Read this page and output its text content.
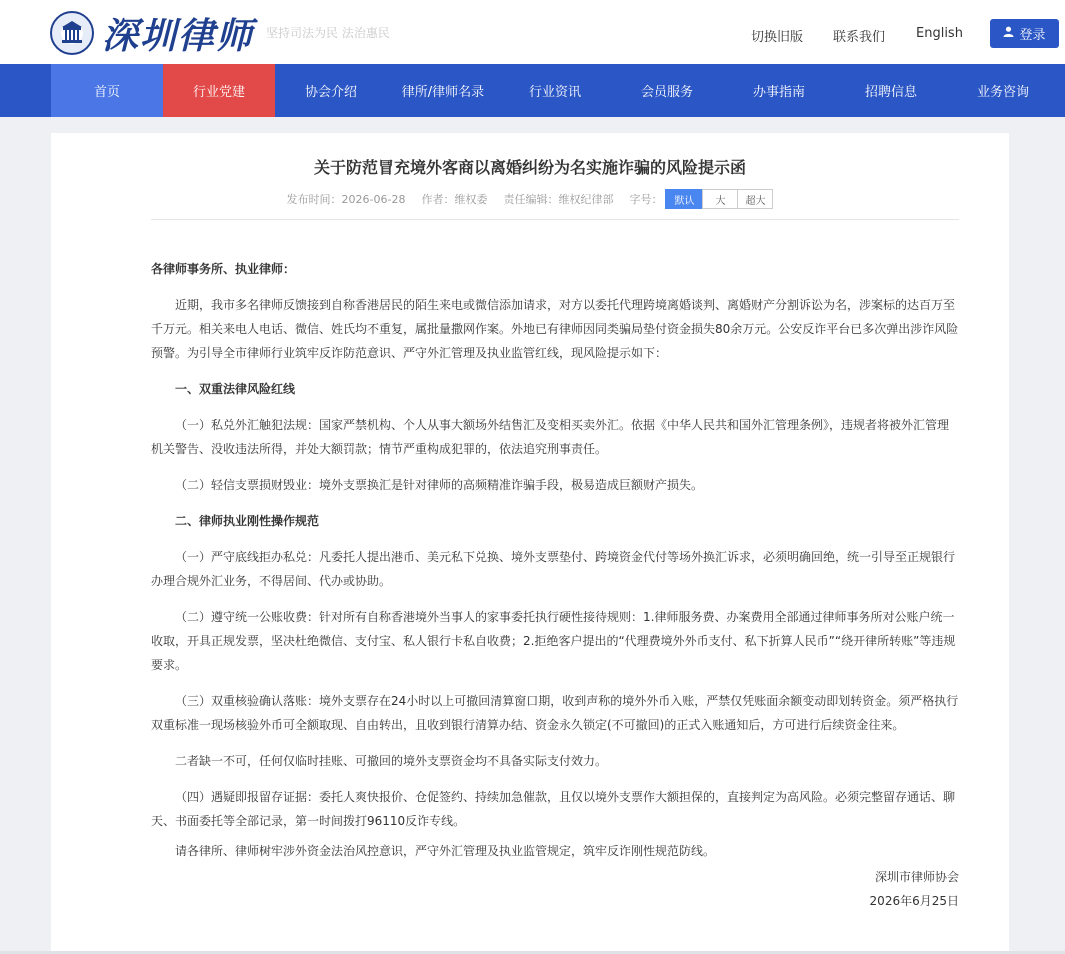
深圳律师 坚持司法为民 法治惠民	切换旧版 联系我们 English	登录
首页	行业党建	协会介绍	律所/律师名录	行业资讯	会员服务	办事指南	招聘信息	业务咨询
关于防范冒充境外客商以离婚纠纷为名实施诈骗的风险提示函
发布时间：2026-06-28 作者：维权委 责任编辑：维权纪律部 字号：	默认	大	超大

各律师事务所、执业律师：

近期，我市多名律师反馈接到自称香港居民的陌生来电或微信添加请求，对方以委托代理跨境离婚谈判、离婚财产分割诉讼为名，涉案标的达百万至千万元。相关来电人电话、微信、姓氏均不重复，属批量撒网作案。外地已有律师因同类骗局垫付资金损失80余万元。公安反诈平台已多次弹出涉诈风险预警。为引导全市律师行业筑牢反诈防范意识、严守外汇管理及执业监管红线，现风险提示如下：

一、双重法律风险红线

（一）私兑外汇触犯法规：国家严禁机构、个人从事大额场外结售汇及变相买卖外汇。依据《中华人民共和国外汇管理条例》，违规者将被外汇管理机关警告、没收违法所得，并处大额罚款；情节严重构成犯罪的，依法追究刑事责任。

（二）轻信支票损财毁业：境外支票换汇是针对律师的高频精准诈骗手段，极易造成巨额财产损失。

二、律师执业刚性操作规范

（一）严守底线拒办私兑：凡委托人提出港币、美元私下兑换、境外支票垫付、跨境资金代付等场外换汇诉求，必须明确回绝，统一引导至正规银行办理合规外汇业务，不得居间、代办或协助。

（二）遵守统一公账收费：针对所有自称香港境外当事人的家事委托执行硬性接待规则：1.律师服务费、办案费用全部通过律师事务所对公账户统一收取，开具正规发票，坚决杜绝微信、支付宝、私人银行卡私自收费；2.拒绝客户提出的“代理费境外外币支付、私下折算人民币”“绕开律所转账”等违规要求。

（三）双重核验确认落账：境外支票存在24小时以上可撤回清算窗口期，收到声称的境外外币入账，严禁仅凭账面余额变动即划转资金。须严格执行双重标准一现场核验外币可全额取现、自由转出，且收到银行清算办结、资金永久锁定(不可撤回)的正式入账通知后，方可进行后续资金往来。

二者缺一不可，任何仅临时挂账、可撤回的境外支票资金均不具备实际支付效力。

（四）遇疑即报留存证据：委托人爽快报价、仓促签约、持续加急催款，且仅以境外支票作大额担保的，直接判定为高风险。必须完整留存通话、聊天、书面委托等全部记录，第一时间拨打96110反诈专线。

请各律所、律师树牢涉外资金法治风控意识，严守外汇管理及执业监管规定，筑牢反诈刚性规范防线。

深圳市律师协会

2026年6月25日
